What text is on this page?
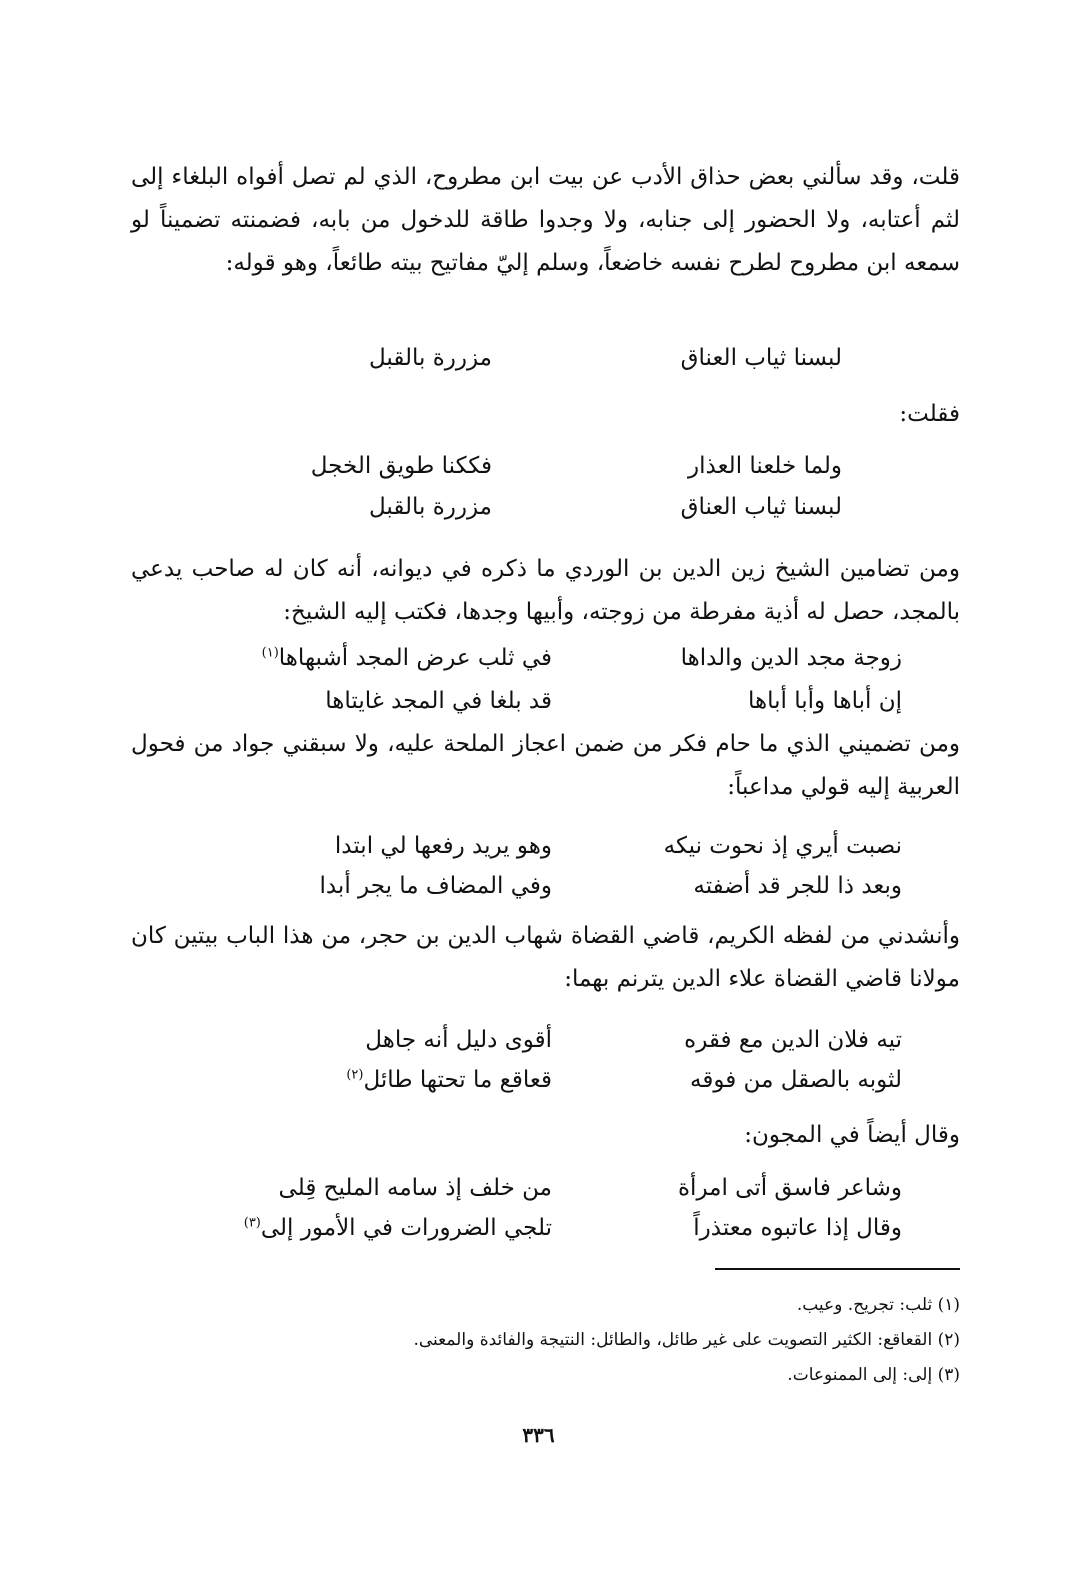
قلت، وقد سألني بعض حذاق الأدب عن بيت ابن مطروح، الذي لم تصل أفواه البلغاء إلى لثم أعتابه، ولا الحضور إلى جنابه، ولا وجدوا طاقة للدخول من بابه، فضمنته تضميناً لو سمعه ابن مطروح لطرح نفسه خاضعاً، وسلم إليّ مفاتيح بيته طائعاً، وهو قوله:

لبسنا ثياب العناق
مزررة بالقبل
فقلت:
ولما خلعنا العذار
فككنا طويق الخجل
لبسنا ثياب العناق
مزررة بالقبل

ومن تضامين الشيخ زين الدين بن الوردي ما ذكره في ديوانه، أنه كان له صاحب يدعي بالمجد، حصل له أذية مفرطة من زوجته، وأبيها وجدها، فكتب إليه الشيخ:

زوجة مجد الدين والداها
في ثلب عرض المجد أشبهاها$^{(١)}$
إن أباها وأبا أباها
قد بلغا في المجد غايتاها

ومن تضميني الذي ما حام فكر من ضمن اعجاز الملحة عليه، ولا سبقني جواد من فحول العربية إليه قولي مداعباً:

نصبت أيري إذ نحوت نيكه
وهو يريد رفعها لي ابتدا
وبعد ذا للجر قد أضفته
وفي المضاف ما يجر أبدا

وأنشدني من لفظه الكريم، قاضي القضاة شهاب الدين بن حجر، من هذا الباب بيتين كان مولانا قاضي القضاة علاء الدين يترنم بهما:

تيه فلان الدين مع فقره
أقوى دليل أنه جاهل
لثوبه بالصقل من فوقه
قعاقع ما تحتها طائل$^{(٢)}$
وقال أيضاً في المجون:
وشاعر فاسق أتى امرأة
من خلف إذ سامه المليح قِلى
وقال إذا عاتبوه معتذراً
تلجي الضرورات في الأمور إلى$^{(٣)}$
(١) ثلب: تجريح. وعيب.
(٢) القعاقع: الكثير التصويت على غير طائل، والطائل: النتيجة والفائدة والمعنى.
(٣) إلى: إلى الممنوعات.
٣٣٦
